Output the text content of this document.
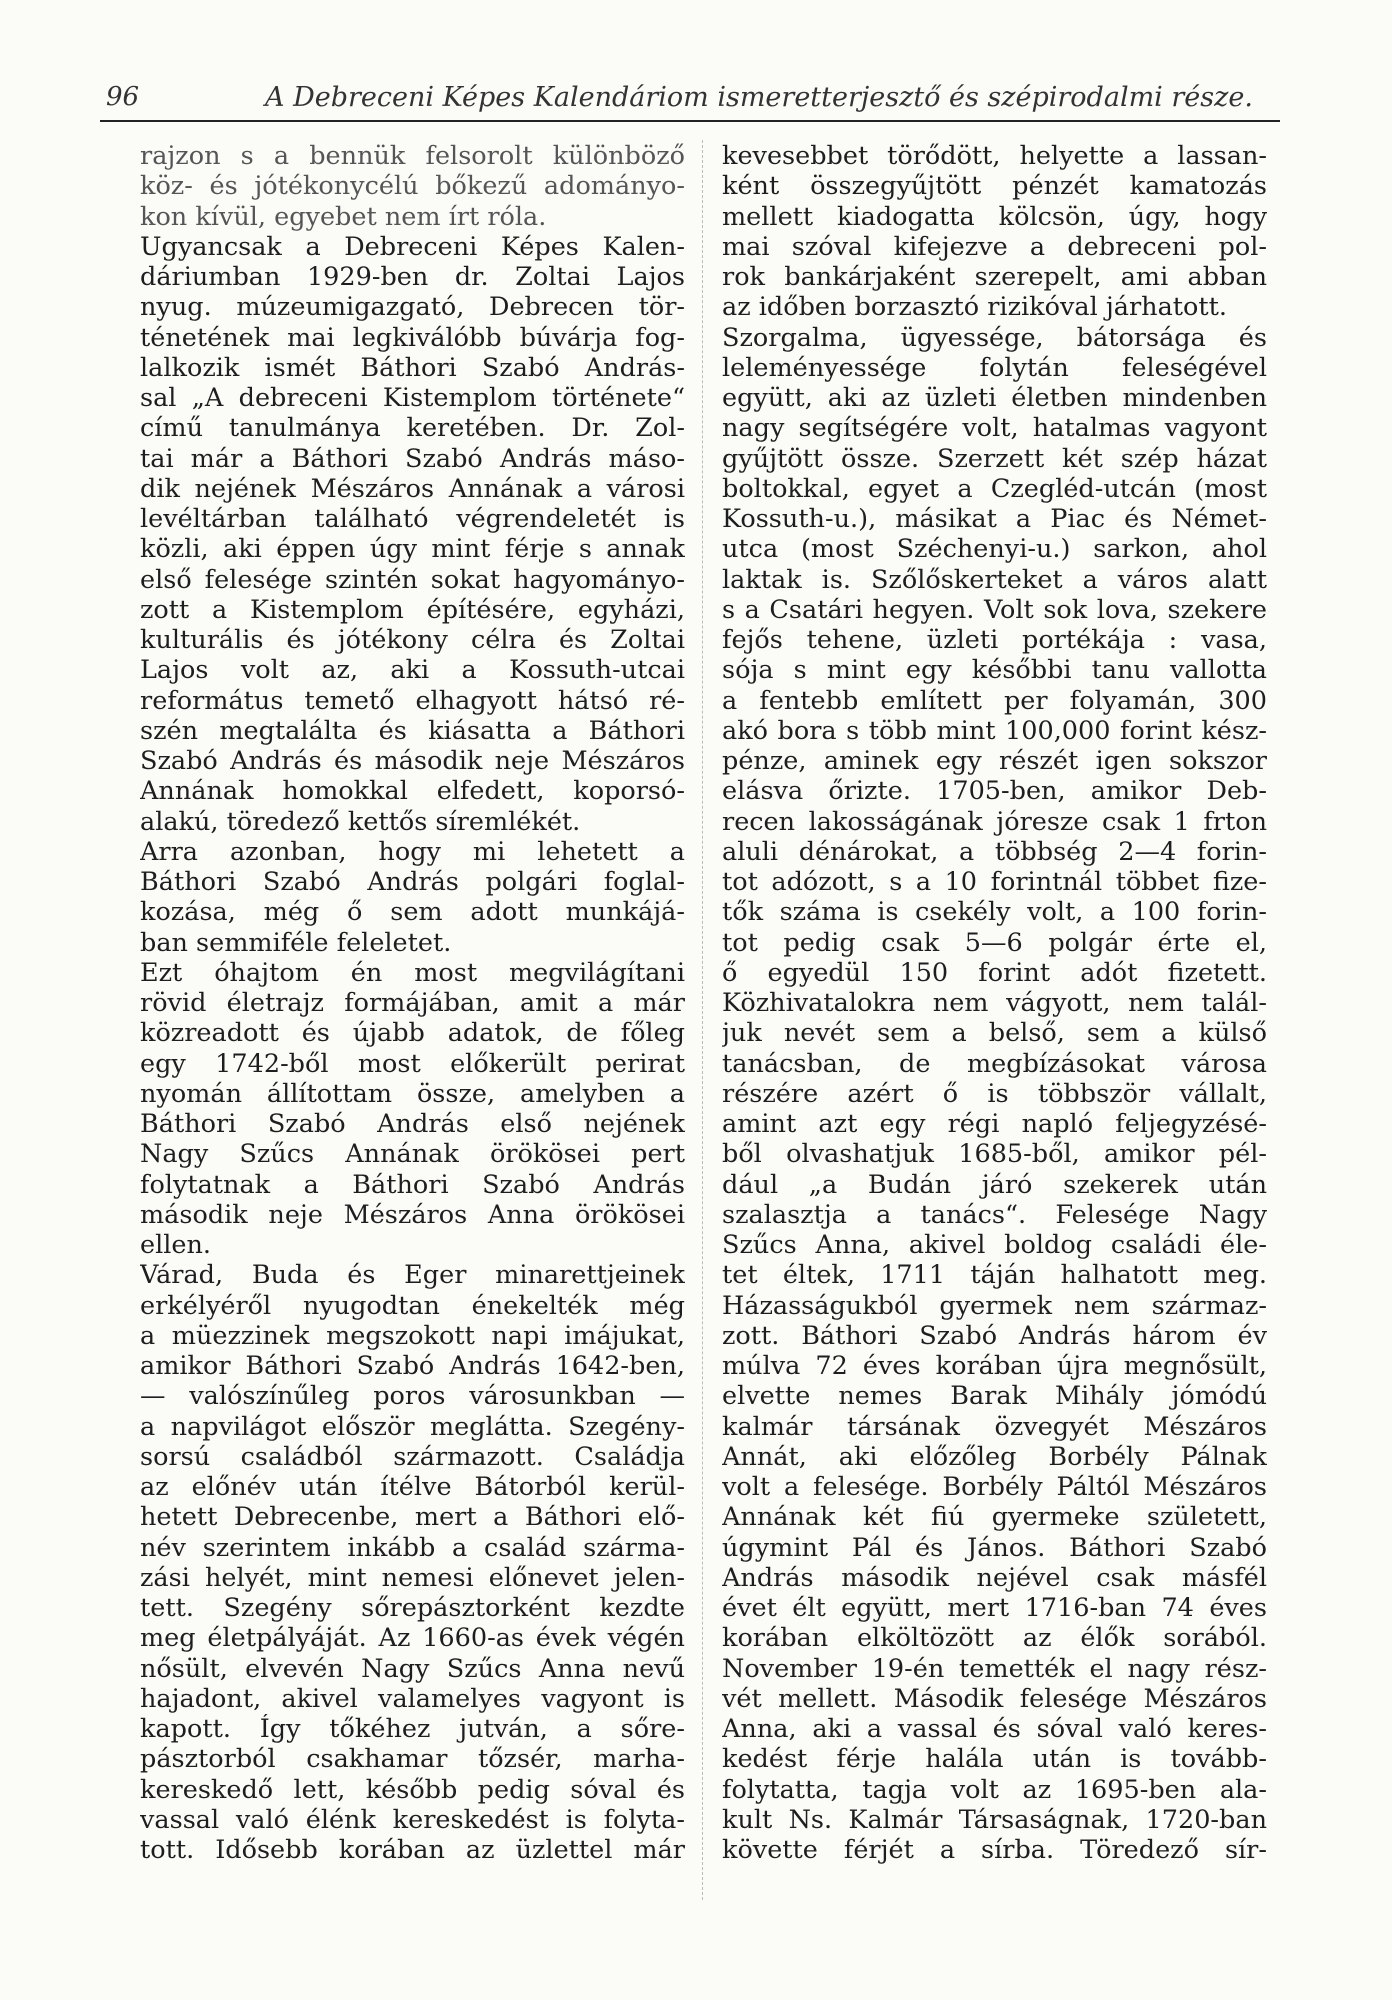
96	A Debreceni Képes Kalendáriom ismeretterjesztő és szépirodalmi része.
rajzon s a bennük felsorolt különböző
köz- és jótékonycélú bőkezű adományo-
kon kívül, egyebet nem írt róla.
Ugyancsak a Debreceni Képes Kalen-
dáriumban 1929-ben dr. Zoltai Lajos
nyug. múzeumigazgató, Debrecen tör-
ténetének mai legkiválóbb búvárja fog-
lalkozik ismét Báthori Szabó András-
sal „A debreceni Kistemplom története“
című tanulmánya keretében. Dr. Zol-
tai már a Báthori Szabó András máso-
dik nejének Mészáros Annának a városi
levéltárban található végrendeletét is
közli, aki éppen úgy mint férje s annak
első felesége szintén sokat hagyományo-
zott a Kistemplom építésére, egyházi,
kulturális és jótékony célra és Zoltai
Lajos volt az, aki a Kossuth-utcai
református temető elhagyott hátsó ré-
szén megtalálta és kiásatta a Báthori
Szabó András és második neje Mészáros
Annának homokkal elfedett, koporsó-
alakú, töredező kettős síremlékét.
Arra azonban, hogy mi lehetett a
Báthori Szabó András polgári foglal-
kozása, még ő sem adott munkájá-
ban semmiféle feleletet.
Ezt óhajtom én most megvilágítani
rövid életrajz formájában, amit a már
közreadott és újabb adatok, de főleg
egy 1742-ből most előkerült perirat
nyomán állítottam össze, amelyben a
Báthori Szabó András első nejének
Nagy Szűcs Annának örökösei pert
folytatnak a Báthori Szabó András
második neje Mészáros Anna örökösei
ellen.
Várad, Buda és Eger minarettjeinek
erkélyéről nyugodtan énekelték még
a müezzinek megszokott napi imájukat,
amikor Báthori Szabó András 1642-ben,
— valószínűleg poros városunkban —
a napvilágot először meglátta. Szegény-
sorsú családból származott. Családja
az előnév után ítélve Bátorból kerül-
hetett Debrecenbe, mert a Báthori elő-
név szerintem inkább a család szárma-
zási helyét, mint nemesi előnevet jelen-
tett. Szegény sőrepásztorként kezdte
meg életpályáját. Az 1660-as évek végén
nősült, elvevén Nagy Szűcs Anna nevű
hajadont, akivel valamelyes vagyont is
kapott. Így tőkéhez jutván, a sőre-
pásztorból csakhamar tőzsér, marha-
kereskedő lett, később pedig sóval és
vassal való élénk kereskedést is folyta-
tott. Idősebb korában az üzlettel már
kevesebbet törődött, helyette a lassan-
ként összegyűjtött pénzét kamatozás
mellett kiadogatta kölcsön, úgy, hogy
mai szóval kifejezve a debreceni pol-
rok bankárjaként szerepelt, ami abban
az időben borzasztó rizikóval járhatott.
Szorgalma, ügyessége, bátorsága és
leleményessége folytán feleségével
együtt, aki az üzleti életben mindenben
nagy segítségére volt, hatalmas vagyont
gyűjtött össze. Szerzett két szép házat
boltokkal, egyet a Czegléd-utcán (most
Kossuth-u.), másikat a Piac és Német-
utca (most Széchenyi-u.) sarkon, ahol
laktak is. Szőlőskerteket a város alatt
s a Csatári hegyen. Volt sok lova, szekere
fejős tehene, üzleti portékája : vasa,
sója s mint egy későbbi tanu vallotta
a fentebb említett per folyamán, 300
akó bora s több mint 100,000 forint kész-
pénze, aminek egy részét igen sokszor
elásva őrizte. 1705-ben, amikor Deb-
recen lakosságának jóresze csak 1 frton
aluli dénárokat, a többség 2—4 forin-
tot adózott, s a 10 forintnál többet fize-
tők száma is csekély volt, a 100 forin-
tot pedig csak 5—6 polgár érte el,
ő egyedül 150 forint adót fizetett.
Közhivatalokra nem vágyott, nem talál-
juk nevét sem a belső, sem a külső
tanácsban, de megbízásokat városa
részére azért ő is többször vállalt,
amint azt egy régi napló feljegyzésé-
ből olvashatjuk 1685-ből, amikor pél-
dául „a Budán járó szekerek után
szalasztja a tanács“. Felesége Nagy
Szűcs Anna, akivel boldog családi éle-
tet éltek, 1711 táján halhatott meg.
Házasságukból gyermek nem származ-
zott. Báthori Szabó András három év
múlva 72 éves korában újra megnősült,
elvette nemes Barak Mihály jómódú
kalmár társának özvegyét Mészáros
Annát, aki előzőleg Borbély Pálnak
volt a felesége. Borbély Páltól Mészáros
Annának két fiú gyermeke született,
úgymint Pál és János. Báthori Szabó
András második nejével csak másfél
évet élt együtt, mert 1716-ban 74 éves
korában elköltözött az élők sorából.
November 19-én temették el nagy rész-
vét mellett. Második felesége Mészáros
Anna, aki a vassal és sóval való keres-
kedést férje halála után is tovább-
folytatta, tagja volt az 1695-ben ala-
kult Ns. Kalmár Társaságnak, 1720-ban
követte férjét a sírba. Töredező sír-
